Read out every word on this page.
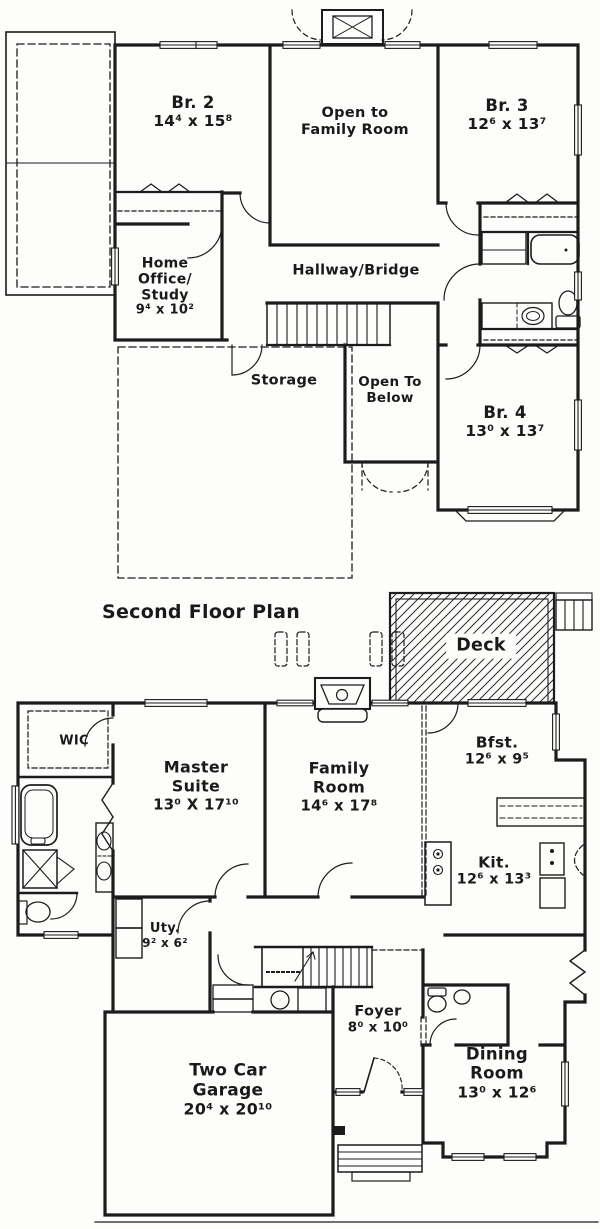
Br. 2
14⁴ x 15⁸	Open to
Family Room
Br. 3
12⁶ x 13⁷
Home
Office/
Study
9⁴ x 10²
Hallway/Bridge
Storage	Open To
Below
Br. 4
13⁰ x 13⁷
Second Floor Plan
Deck
WIC
Master
Suite
13⁰ X 17¹⁰
Family
Room
14⁶ x 17⁸
Bfst.
12⁶ x 9⁵
Kit.
12⁶ x 13³
Uty.
9² x 6²
Foyer
8⁰ x 10⁰
Two Car
Garage
20⁴ x 20¹⁰
Dining
Room
13⁰ x 12⁶
